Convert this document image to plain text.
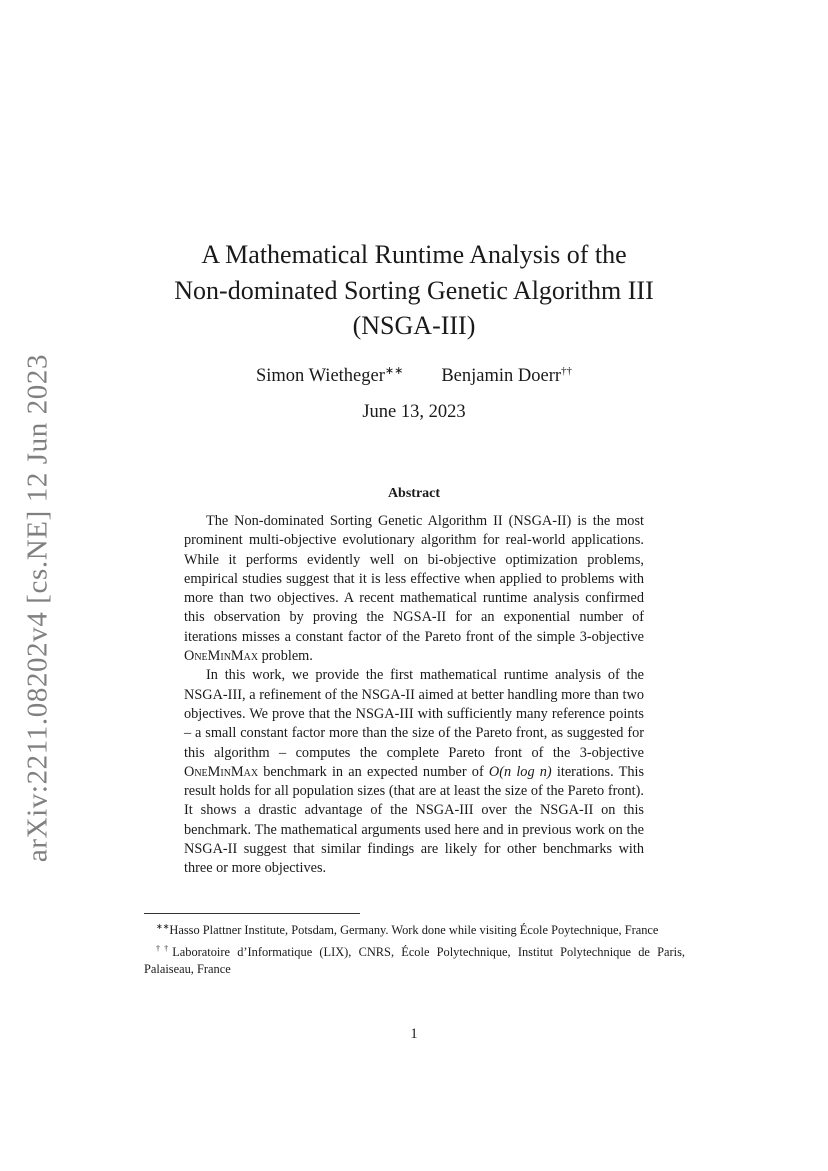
arXiv:2211.08202v4 [cs.NE] 12 Jun 2023
A Mathematical Runtime Analysis of the
Non-dominated Sorting Genetic Algorithm III
(NSGA-III)
Simon Wietheger∗∗ Benjamin Doerr††
June 13, 2023
Abstract

The Non-dominated Sorting Genetic Algorithm II (NSGA-II) is the most prominent multi-objective evolutionary algorithm for real-world applications. While it performs evidently well on bi-objective optimization problems, empirical studies suggest that it is less effective when applied to problems with more than two objectives. A recent mathematical runtime analysis confirmed this observation by proving the NGSA-II for an exponential number of iterations misses a constant factor of the Pareto front of the simple 3-objective OneMinMax problem.

In this work, we provide the first mathematical runtime analysis of the NSGA-III, a refinement of the NSGA-II aimed at better handling more than two objectives. We prove that the NSGA-III with sufficiently many reference points – a small constant factor more than the size of the Pareto front, as suggested for this algorithm – computes the complete Pareto front of the 3-objective OneMinMax benchmark in an expected number of O(n log n) iterations. This result holds for all population sizes (that are at least the size of the Pareto front). It shows a drastic advantage of the NSGA-III over the NSGA-II on this benchmark. The mathematical arguments used here and in previous work on the NSGA-II suggest that similar findings are likely for other benchmarks with three or more objectives.

∗∗Hasso Plattner Institute, Potsdam, Germany. Work done while visiting École Poytechnique, France

††Laboratoire d’Informatique (LIX), CNRS, École Polytechnique, Institut Polytechnique de Paris, Palaiseau, France

1
